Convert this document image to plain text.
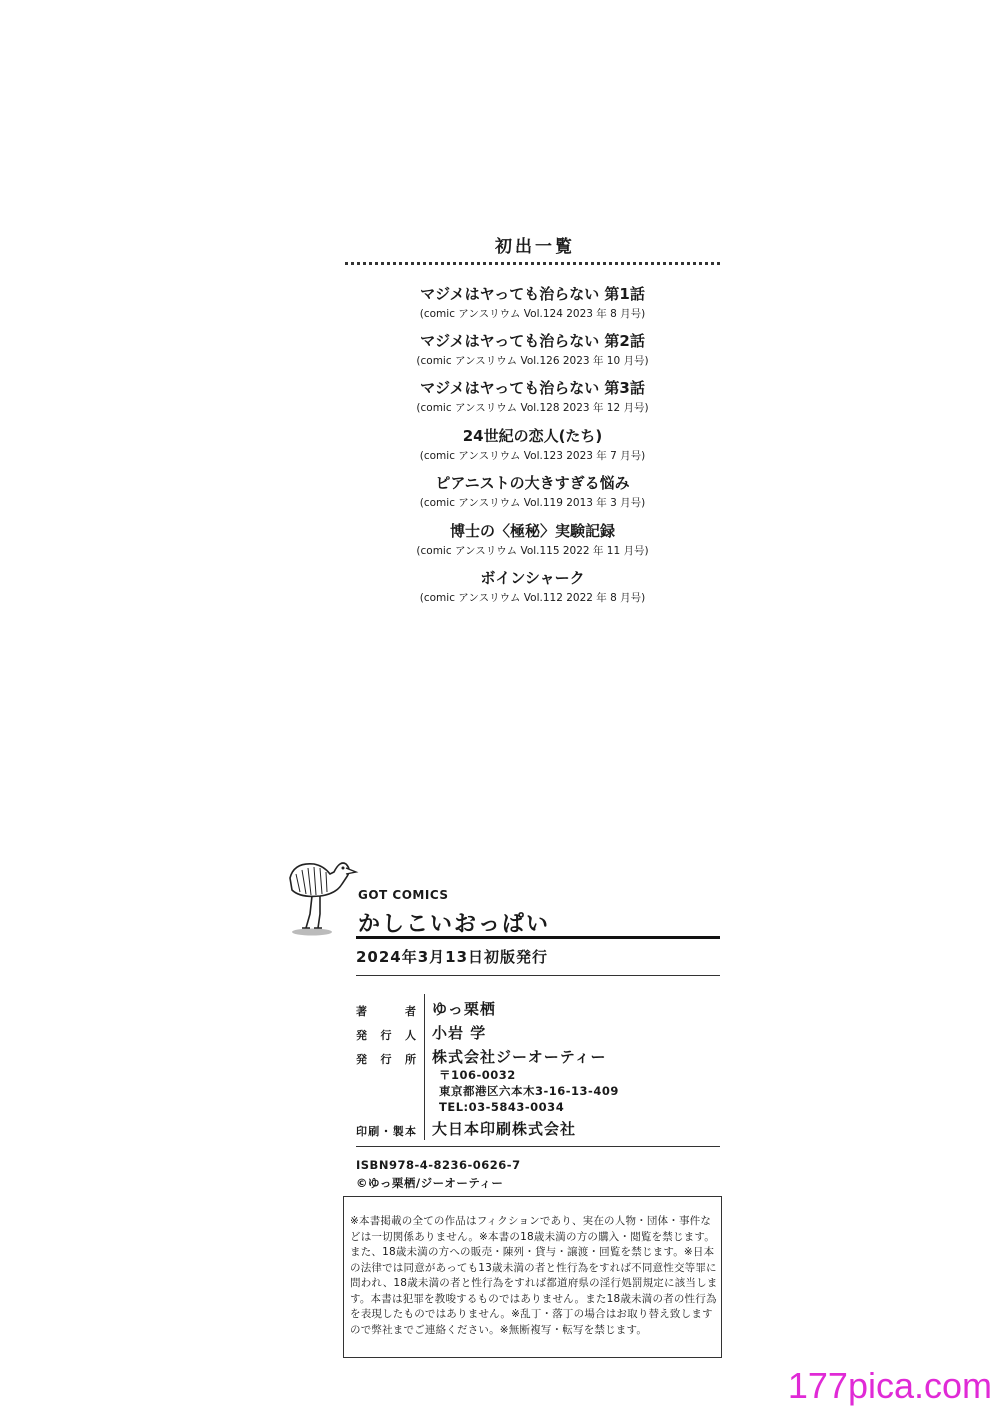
初出一覧
マジメはヤっても治らない 第1話
(comic アンスリウム Vol.124 2023 年 8 月号)
マジメはヤっても治らない 第2話
(comic アンスリウム Vol.126 2023 年 10 月号)
マジメはヤっても治らない 第3話
(comic アンスリウム Vol.128 2023 年 12 月号)
24世紀の恋人(たち)
(comic アンスリウム Vol.123 2023 年 7 月号)
ピアニストの大きすぎる悩み
(comic アンスリウム Vol.119 2013 年 3 月号)
博士の〈極秘〉実験記録
(comic アンスリウム Vol.115 2022 年 11 月号)
ボインシャーク
(comic アンスリウム Vol.112 2022 年 8 月号)
GOT COMICS
かしこいおっぱい
2024年3月13日初版発行
著 者 ゆっ栗栖
発行人 小岩 学
発行所 株式会社ジーオーティー
〒106-0032
東京都港区六本木3-16-13-409
TEL:03-5843-0034
印刷・製本 大日本印刷株式会社
ISBN978-4-8236-0626-7
©ゆっ栗栖/ジーオーティー
※本書掲載の全ての作品はフィクションであり、実在の人物・団体・事件などは一切関係ありません。※本書の18歳未満の方の購入・閲覧を禁じます。また、18歳未満の方への販売・陳列・貸与・譲渡・回覧を禁じます。※日本の法律では同意があっても13歳未満の者と性行為をすれば不同意性交等罪に問われ、18歳未満の者と性行為をすれば都道府県の淫行処罰規定に該当します。本書は犯罪を教唆するものではありません。また18歳未満の者の性行為を表現したものではありません。※乱丁・落丁の場合はお取り替え致しますので弊社までご連絡ください。※無断複写・転写を禁じます。
177pica.com
